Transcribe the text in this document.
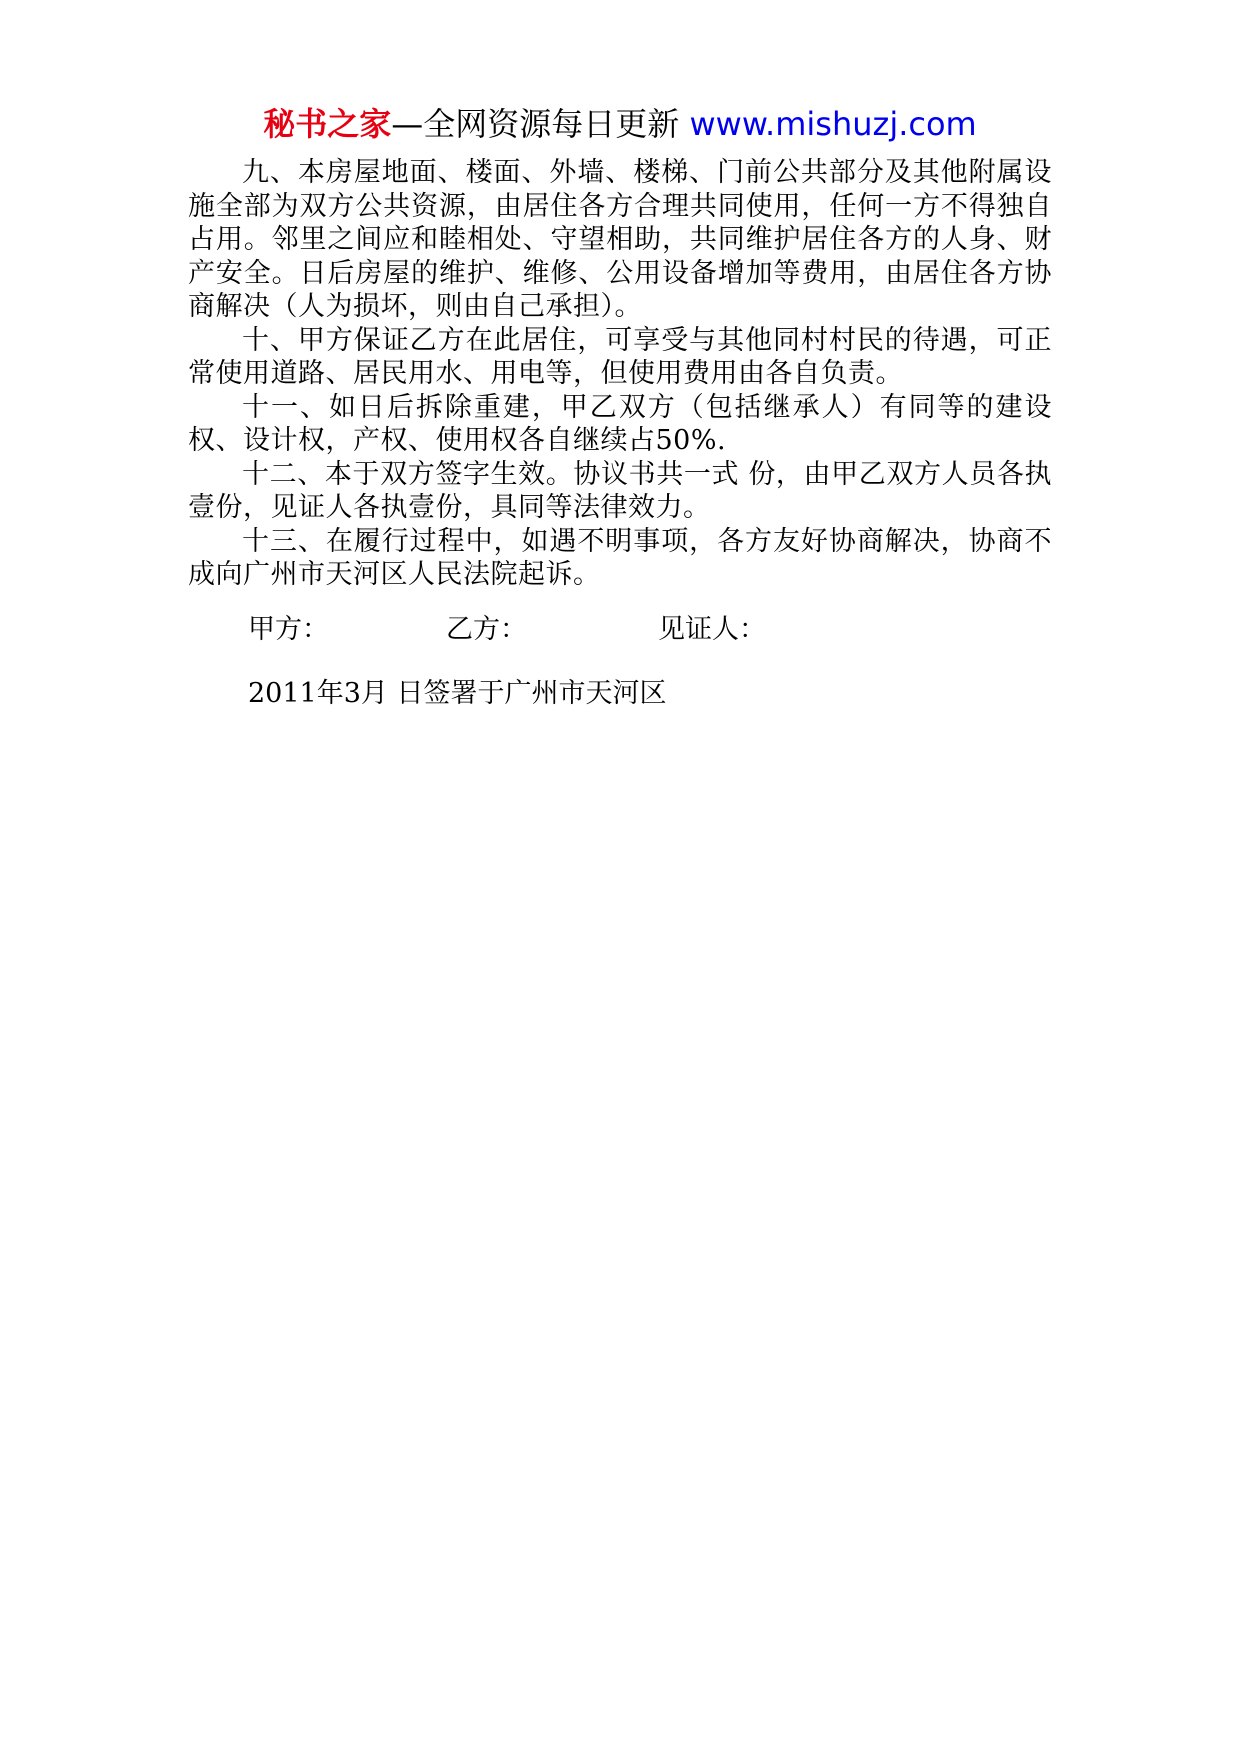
秘书之家—全网资源每日更新 www.mishuzj.com

九、本房屋地面、楼面、外墙、楼梯、门前公共部分及其他附属设施全部为双方公共资源，由居住各方合理共同使用，任何一方不得独自占用。邻里之间应和睦相处、守望相助，共同维护居住各方的人身、财产安全。日后房屋的维护、维修、公用设备增加等费用，由居住各方协商解决（人为损坏，则由自己承担）。

十、甲方保证乙方在此居住，可享受与其他同村村民的待遇，可正常使用道路、居民用水、用电等，但使用费用由各自负责。

十一、如日后拆除重建，甲乙双方（包括继承人）有同等的建设权、设计权，产权、使用权各自继续占50%.

十二、本于双方签字生效。协议书共一式 份，由甲乙双方人员各执壹份，见证人各执壹份，具同等法律效力。

十三、在履行过程中，如遇不明事项，各方友好协商解决，协商不成向广州市天河区人民法院起诉。

甲方：	乙方：	见证人：
2011年3月 日签署于广州市天河区
